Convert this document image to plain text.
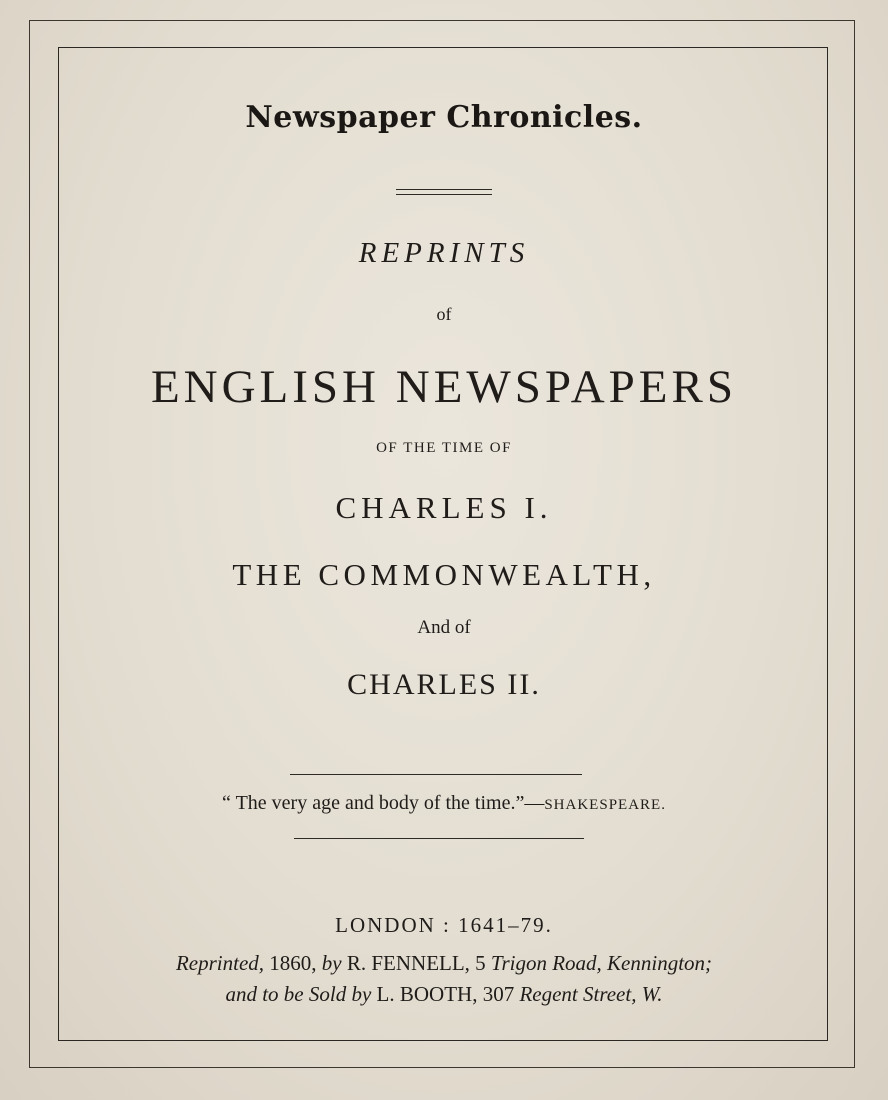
Newspaper Chronicles.
REPRINTS
of
ENGLISH NEWSPAPERS
OF THE TIME OF
CHARLES I.
THE COMMONWEALTH,
And of
CHARLES II.
“ The very age and body of the time.”—SHAKESPEARE.
LONDON : 1641–79.
Reprinted, 1860, by R. FENNELL, 5 Trigon Road, Kennington;
and to be Sold by L. BOOTH, 307 Regent Street, W.
